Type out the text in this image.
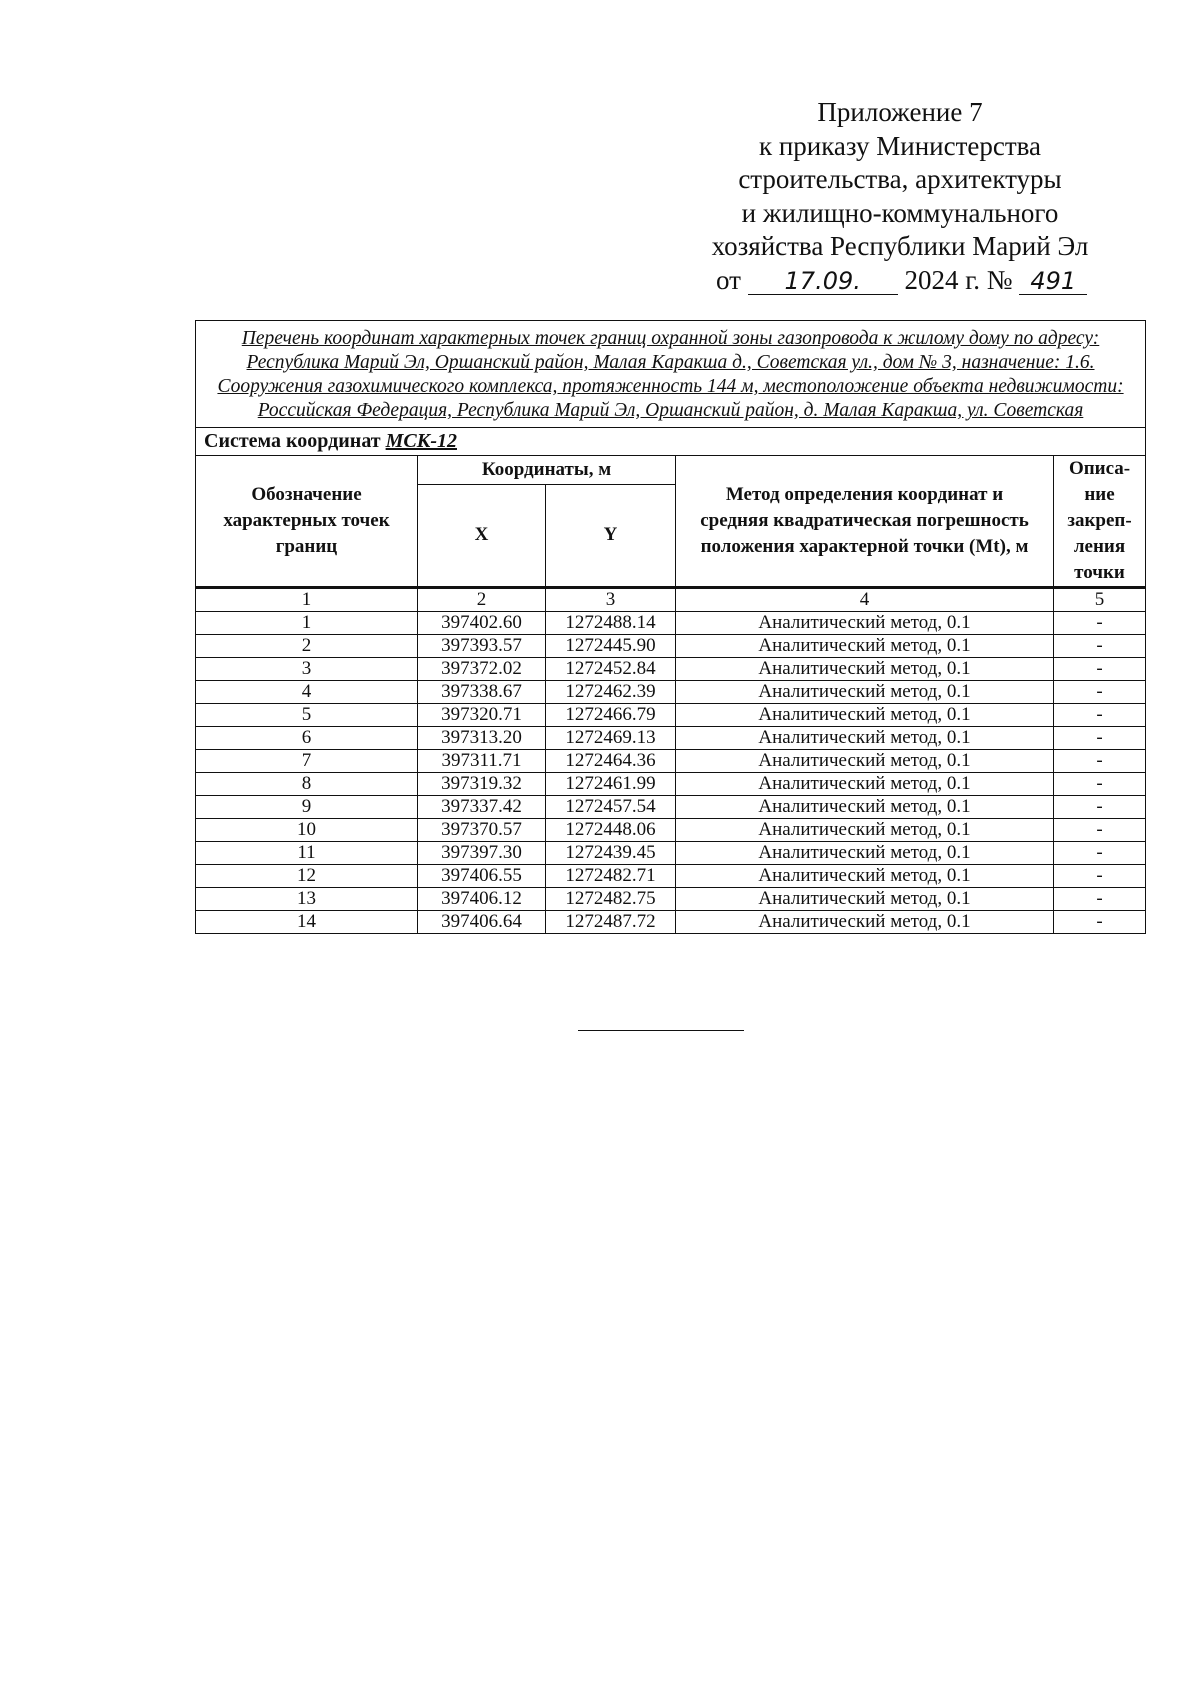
Приложение 7
к приказу Министерства
строительства, архитектуры
и жилищно-коммунального
хозяйства Республики Марий Эл
от 17.09. 2024 г. № 491
Перечень координат характерных точек границ охранной зоны газопровода к жилому дому по адресу: Республика Марий Эл, Оршанский район, Малая Каракша д., Советская ул., дом № 3, назначение: 1.6. Сооружения газохимического комплекса, протяженность 144 м, местоположение объекта недвижимости: Российская Федерация, Республика Марий Эл, Оршанский район, д. Малая Каракша, ул. Советская				
Система координат МСК-12				
Обозначение характерных точек границ	Координаты, м		Метод определения координат и средняя квадратическая погрешность положения характерной точки (Mt), м	Описа-ние закреп-ления точки
	X	Y		
1	2	3	4	5
1	397402.60	1272488.14	Аналитический метод, 0.1	-
2	397393.57	1272445.90	Аналитический метод, 0.1	-
3	397372.02	1272452.84	Аналитический метод, 0.1	-
4	397338.67	1272462.39	Аналитический метод, 0.1	-
5	397320.71	1272466.79	Аналитический метод, 0.1	-
6	397313.20	1272469.13	Аналитический метод, 0.1	-
7	397311.71	1272464.36	Аналитический метод, 0.1	-
8	397319.32	1272461.99	Аналитический метод, 0.1	-
9	397337.42	1272457.54	Аналитический метод, 0.1	-
10	397370.57	1272448.06	Аналитический метод, 0.1	-
11	397397.30	1272439.45	Аналитический метод, 0.1	-
12	397406.55	1272482.71	Аналитический метод, 0.1	-
13	397406.12	1272482.75	Аналитический метод, 0.1	-
14	397406.64	1272487.72	Аналитический метод, 0.1	-
